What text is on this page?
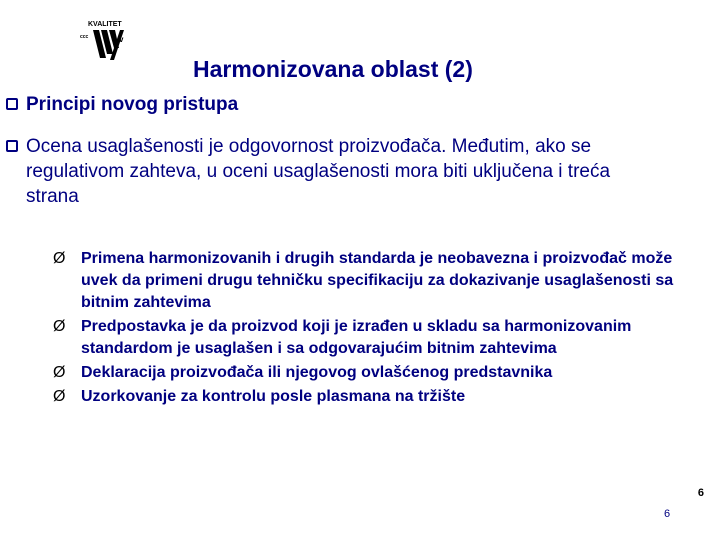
KVALITET
ccc	v
Harmonizovana oblast (2)
Principi novog pristupa
Ocena usaglašenosti je odgovornost proizvođača. Međutim, ako se regulativom zahteva, u oceni usaglašenosti mora biti uključena i treća strana
Ø Primena harmonizovanih i drugih standarda je neobavezna i proizvođač može uvek da primeni drugu tehničku specifikaciju za dokazivanje usaglašenosti sa bitnim zahtevima
Ø Predpostavka je da proizvod koji je izrađen u skladu sa harmonizovanim standardom je usaglašen i sa odgovarajućim bitnim zahtevima
Ø Deklaracija proizvođača ili njegovog ovlašćenog predstavnika
Ø Uzorkovanje za kontrolu posle plasmana na tržište
6
6
